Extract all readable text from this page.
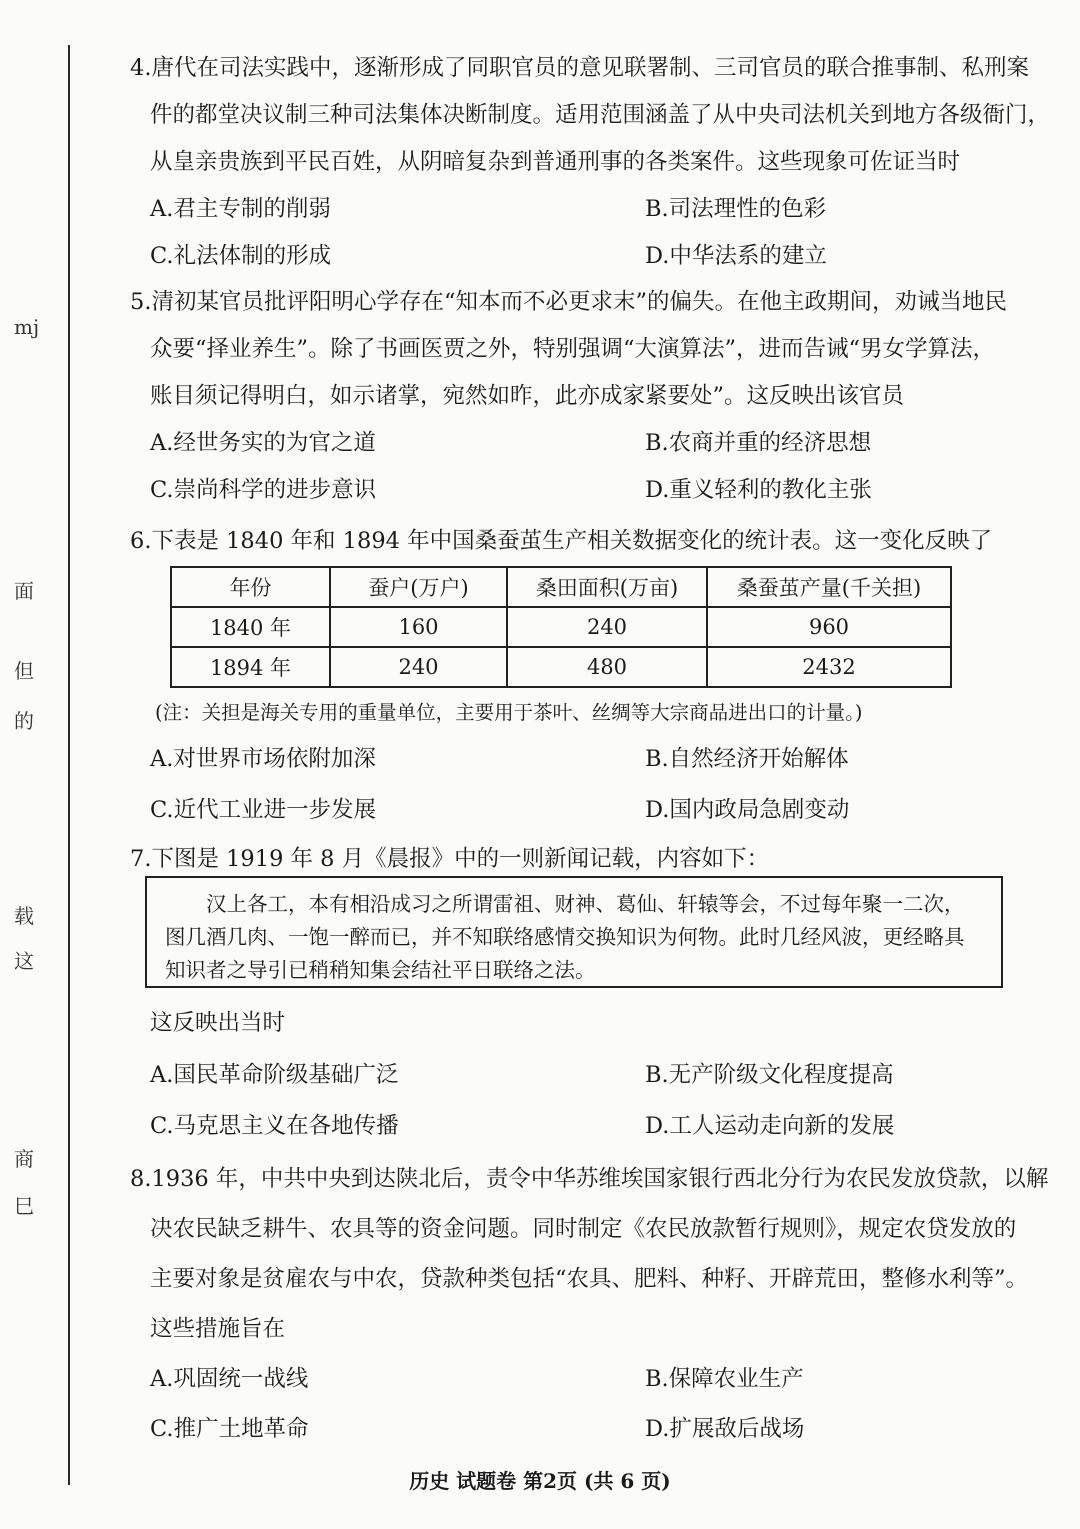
mj
面
但
的
载
这
商
巳
4.唐代在司法实践中，逐渐形成了同职官员的意见联署制、三司官员的联合推事制、私刑案
件的都堂决议制三种司法集体决断制度。适用范围涵盖了从中央司法机关到地方各级衙门，
从皇亲贵族到平民百姓，从阴暗复杂到普通刑事的各类案件。这些现象可佐证当时
A.君主专制的削弱	B.司法理性的色彩
C.礼法体制的形成	D.中华法系的建立
5.清初某官员批评阳明心学存在“知本而不必更求末”的偏失。在他主政期间，劝诫当地民
众要“择业养生”。除了书画医贾之外，特别强调“大演算法”，进而告诫“男女学算法，
账目须记得明白，如示诸掌，宛然如昨，此亦成家紧要处”。这反映出该官员
A.经世务实的为官之道	B.农商并重的经济思想
C.崇尚科学的进步意识	D.重义轻利的教化主张
6.下表是 1840 年和 1894 年中国桑蚕茧生产相关数据变化的统计表。这一变化反映了
年份	蚕户(万户)	桑田面积(万亩)	桑蚕茧产量(千关担)
1840 年	160	240	960
1894 年	240	480	2432
(注：关担是海关专用的重量单位，主要用于茶叶、丝绸等大宗商品进出口的计量。)
A.对世界市场依附加深	B.自然经济开始解体
C.近代工业进一步发展	D.国内政局急剧变动
7.下图是 1919 年 8 月《晨报》中的一则新闻记载，内容如下：

汉上各工，本有相沿成习之所谓雷祖、财神、葛仙、轩辕等会，不过每年聚一二次，图几酒几肉、一饱一醉而已，并不知联络感情交换知识为何物。此时几经风波，更经略具知识者之导引已稍稍知集会结社平日联络之法。

这反映出当时
A.国民革命阶级基础广泛	B.无产阶级文化程度提高
C.马克思主义在各地传播	D.工人运动走向新的发展
8.1936 年，中共中央到达陕北后，责令中华苏维埃国家银行西北分行为农民发放贷款，以解
决农民缺乏耕牛、农具等的资金问题。同时制定《农民放款暂行规则》，规定农贷发放的
主要对象是贫雇农与中农，贷款种类包括“农具、肥料、种籽、开辟荒田，整修水利等”。
这些措施旨在
A.巩固统一战线	B.保障农业生产
C.推广土地革命	D.扩展敌后战场
历史 试题卷 第2页 (共 6 页)
